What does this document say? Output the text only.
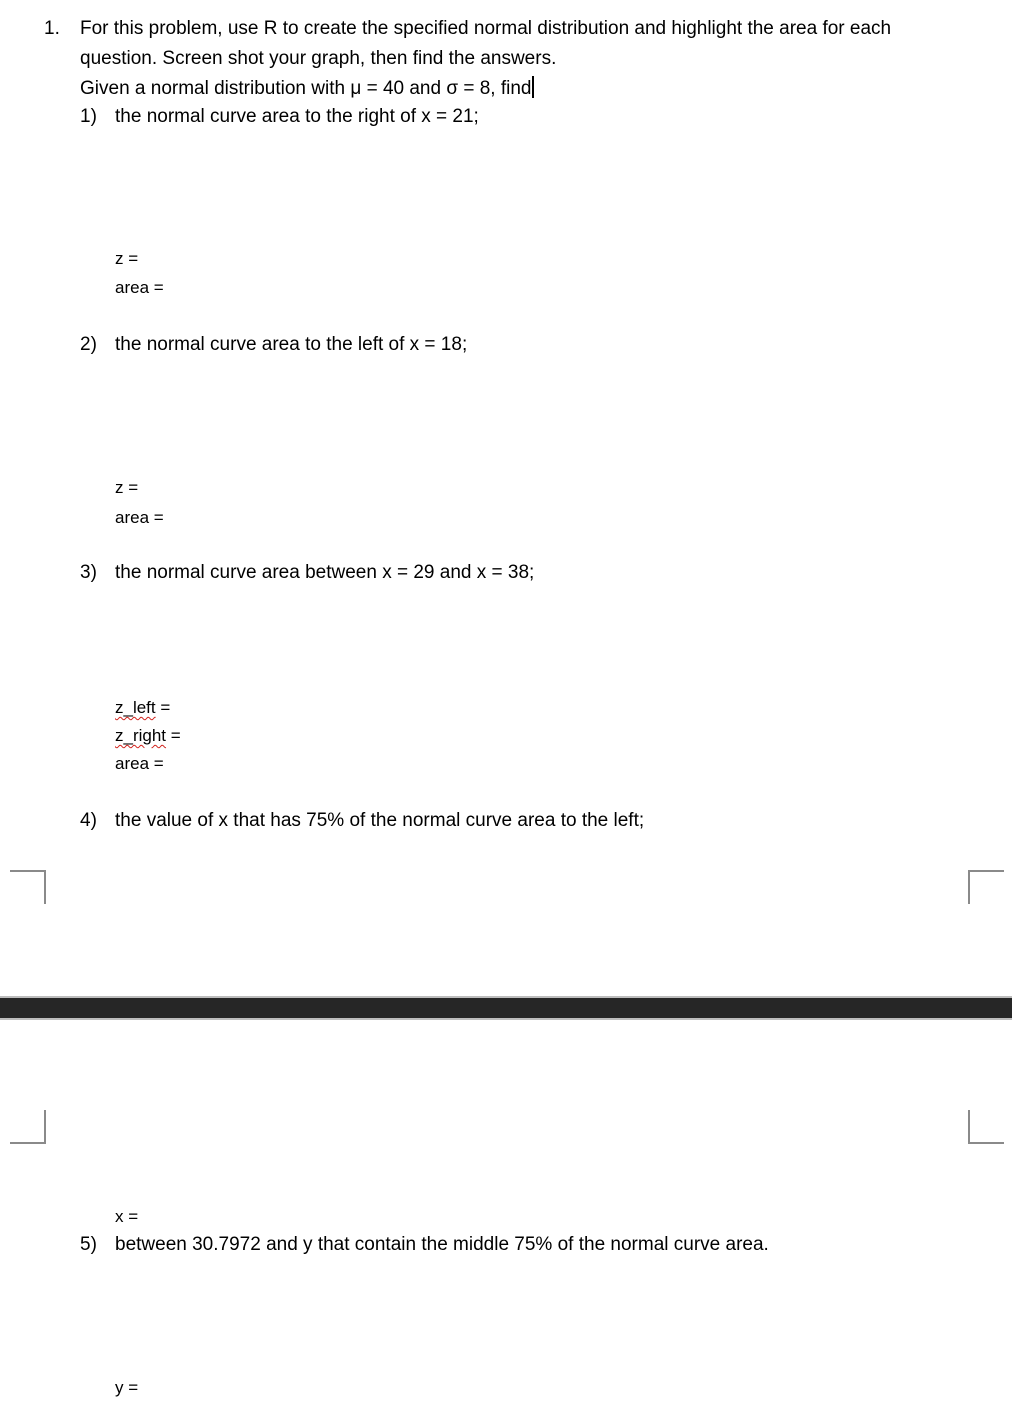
1. For this problem, use R to create the specified normal distribution and highlight the area for each
question. Screen shot your graph, then find the answers.
Given a normal distribution with μ = 40 and σ = 8, find
1) the normal curve area to the right of x = 21;
z =
area =
2) the normal curve area to the left of x = 18;
z =
area =
3) the normal curve area between x = 29 and x = 38;
z_left =
z_right =
area =
4) the value of x that has 75% of the normal curve area to the left;
x =
5) between 30.7972 and y that contain the middle 75% of the normal curve area.
y =
